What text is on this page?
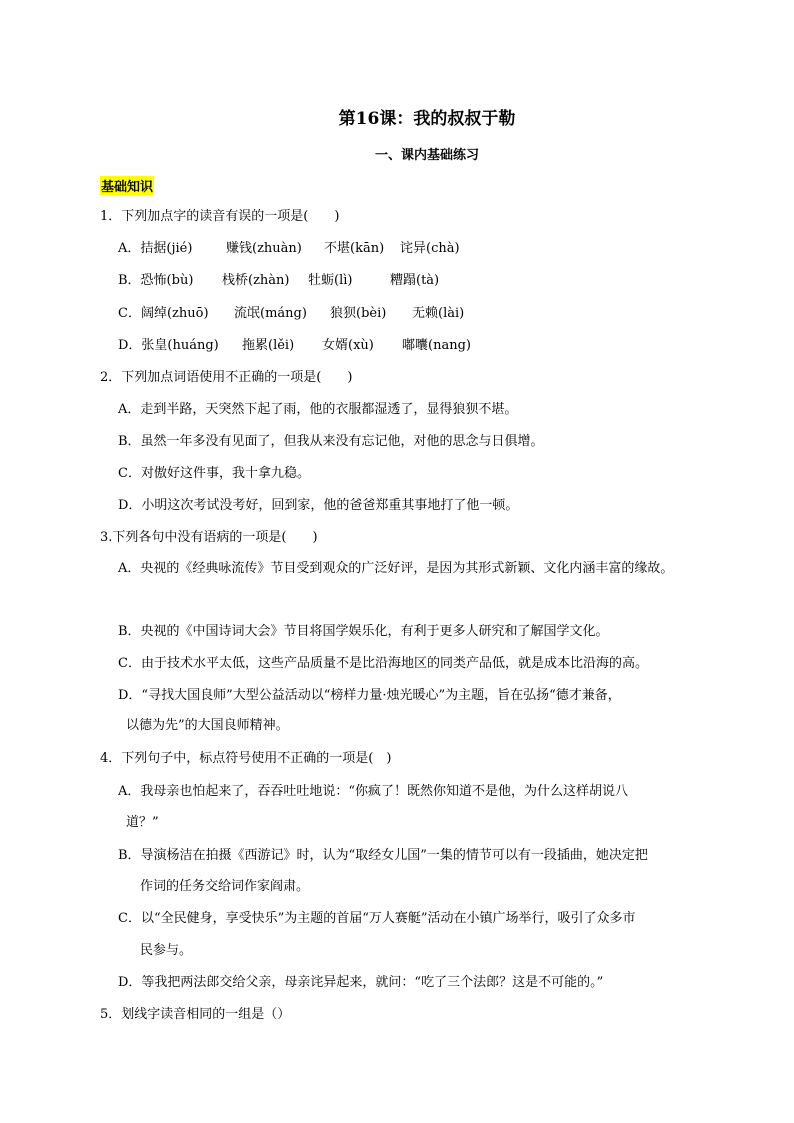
第16课：我的叔叔于勒
一、课内基础练习
基础知识
1．下列加点字的读音有误的一项是(　　)
A．拮据(jié)	赚钱(zhuàn) 不堪(kān) 诧异(chà)
B．恐怖(bù) 栈桥(zhàn) 牡蛎(lì)	糟蹋(tà)
C．阔绰(zhuō) 流氓(máng) 狼狈(bèi) 无赖(lài)
D．张皇(huáng) 拖累(lěi) 女婿(xù) 嘟囔(nang)
2．下列加点词语使用不正确的一项是(　　)
A．走到半路，天突然下起了雨，他的衣服都湿透了，显得狼狈不堪。
B．虽然一年多没有见面了，但我从来没有忘记他，对他的思念与日俱增。
C．对傲好这件事，我十拿九稳。
D．小明这次考试没考好，回到家，他的爸爸郑重其事地打了他一顿。
3.下列各句中没有语病的一项是(　　)
A．央视的《经典咏流传》节目受到观众的广泛好评，是因为其形式新颖、文化内涵丰富的缘故。
B．央视的《中国诗词大会》节目将国学娱乐化，有利于更多人研究和了解国学文化。
C．由于技术水平太低，这些产品质量不是比沿海地区的同类产品低，就是成本比沿海的高。
D．“寻找大国良师”大型公益活动以“榜样力量·烛光暖心”为主题，旨在弘扬“德才兼备，
以德为先”的大国良师精神。
4．下列句子中，标点符号使用不正确的一项是(　)
A．我母亲也怕起来了，吞吞吐吐地说：“你疯了！既然你知道不是他，为什么这样胡说八
道？”
B．导演杨洁在拍摄《西游记》时，认为“取经女儿国”一集的情节可以有一段插曲，她决定把
作词的任务交给词作家阎肃。
C．以“全民健身，享受快乐”为主题的首届“万人赛艇”活动在小镇广场举行，吸引了众多市
民参与。
D．等我把两法郎交给父亲，母亲诧异起来，就问：“吃了三个法郎？这是不可能的。”
5．划线字读音相同的一组是（）
